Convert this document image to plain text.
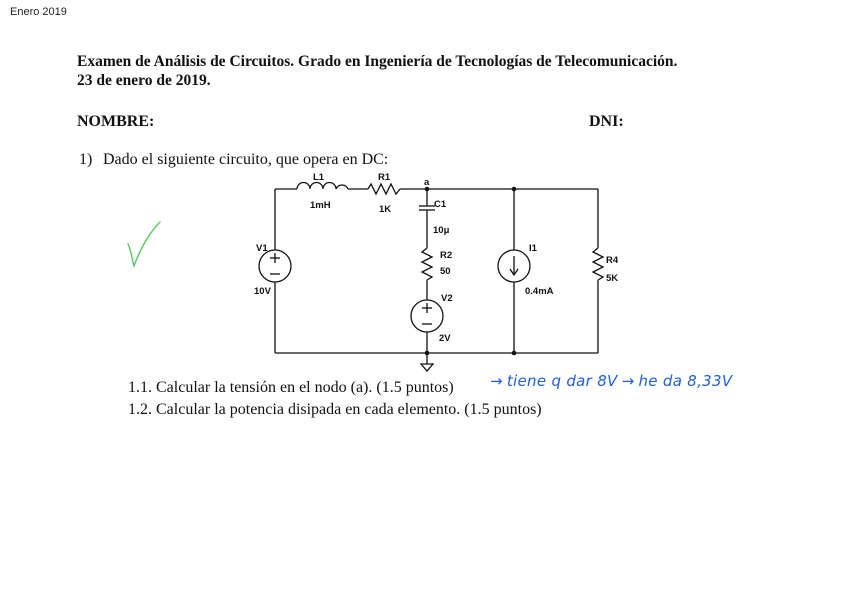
Enero 2019
Examen de Análisis de Circuitos. Grado en Ingeniería de Tecnologías de Telecomunicación.
23 de enero de 2019.
NOMBRE:	DNI:
1) Dado el siguiente circuito, que opera en DC:
L1
1mH
R1
1K
a
C1
10μ
R2
50
V2
2V
V1
10V
I1
0.4mA
R4
5K
1.1. Calcular la tensión en el nodo (a). (1.5 puntos)
1.2. Calcular la potencia disipada en cada elemento. (1.5 puntos)
→ tiene q dar 8V → he da 8,33V
